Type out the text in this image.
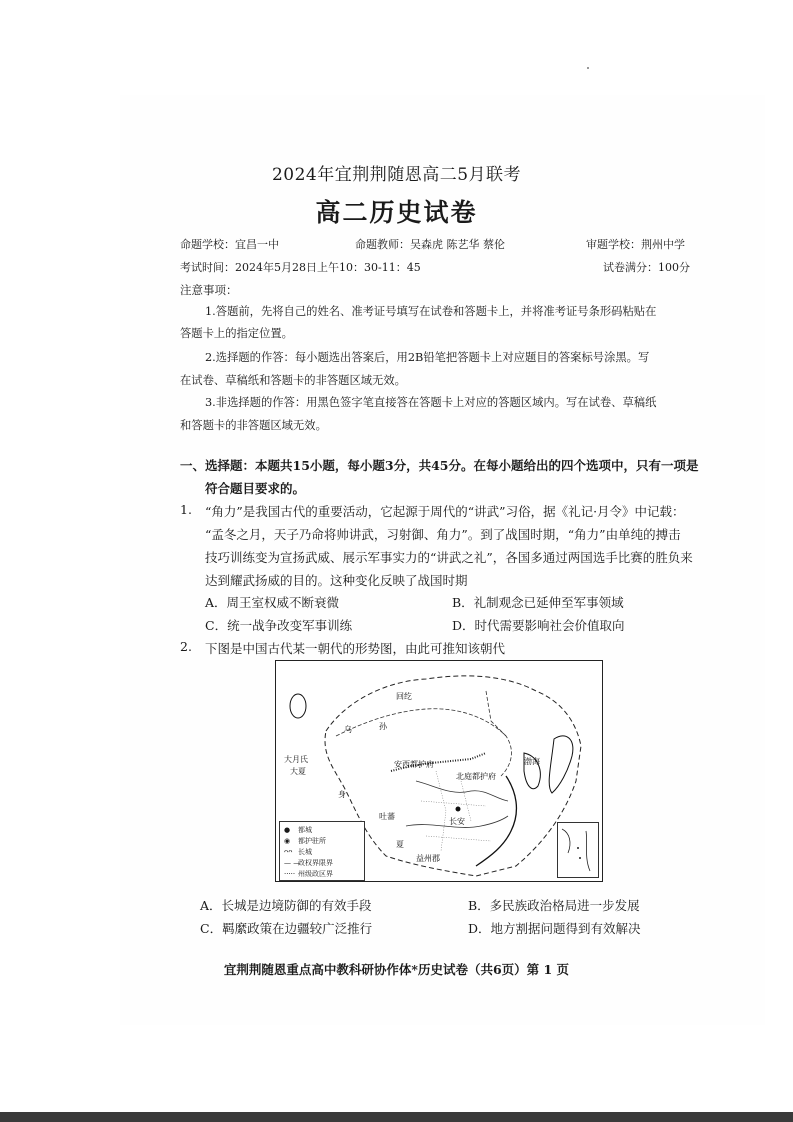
2024年宜荆荆随恩高二5月联考
高二历史试卷
命题学校：宜昌一中	命题教师：吴森虎 陈艺华 蔡伦	审题学校：荆州中学
考试时间：2024年5月28日上午10：30-11：45	试卷满分：100分
注意事项：
1.答题前，先将自己的姓名、准考证号填写在试卷和答题卡上，并将准考证号条形码粘贴在
答题卡上的指定位置。
2.选择题的作答：每小题选出答案后，用2B铅笔把答题卡上对应题目的答案标号涂黑。写
在试卷、草稿纸和答题卡的非答题区域无效。
3.非选择题的作答：用黑色签字笔直接答在答题卡上对应的答题区域内。写在试卷、草稿纸
和答题卡的非答题区域无效。
一、选择题：本题共15小题，每小题3分，共45分。在每小题给出的四个选项中，只有一项是
符合题目要求的。
1. “角力”是我国古代的重要活动，它起源于周代的“讲武”习俗，据《礼记·月令》中记载：
“孟冬之月，天子乃命将帅讲武，习射御、角力”。到了战国时期，“角力”由单纯的搏击
技巧训练变为宣扬武威、展示军事实力的“讲武之礼”，各国多通过两国选手比赛的胜负来
达到耀武扬威的目的。这种变化反映了战国时期
A．周王室权威不断衰微	B．礼制观念已延伸至军事领域
C．统一战争改变军事训练	D．时代需要影响社会价值取向
2. 下图是中国古代某一朝代的形势图，由此可推知该朝代
回纥
乌	孙
大月氏
大夏
身
吐蕃
安西都护府
北庭都护府
长安
益州郡
夏
渤海
● 都城
◉ 都护驻所
ᴖᴖ 长城
— —政权界限界
····· 州级政区界
A．长城是边境防御的有效手段	B．多民族政治格局进一步发展
C．羁縻政策在边疆较广泛推行	D．地方割据问题得到有效解决
宜荆荆随恩重点高中教科研协作体*历史试卷（共6页）第 1 页
